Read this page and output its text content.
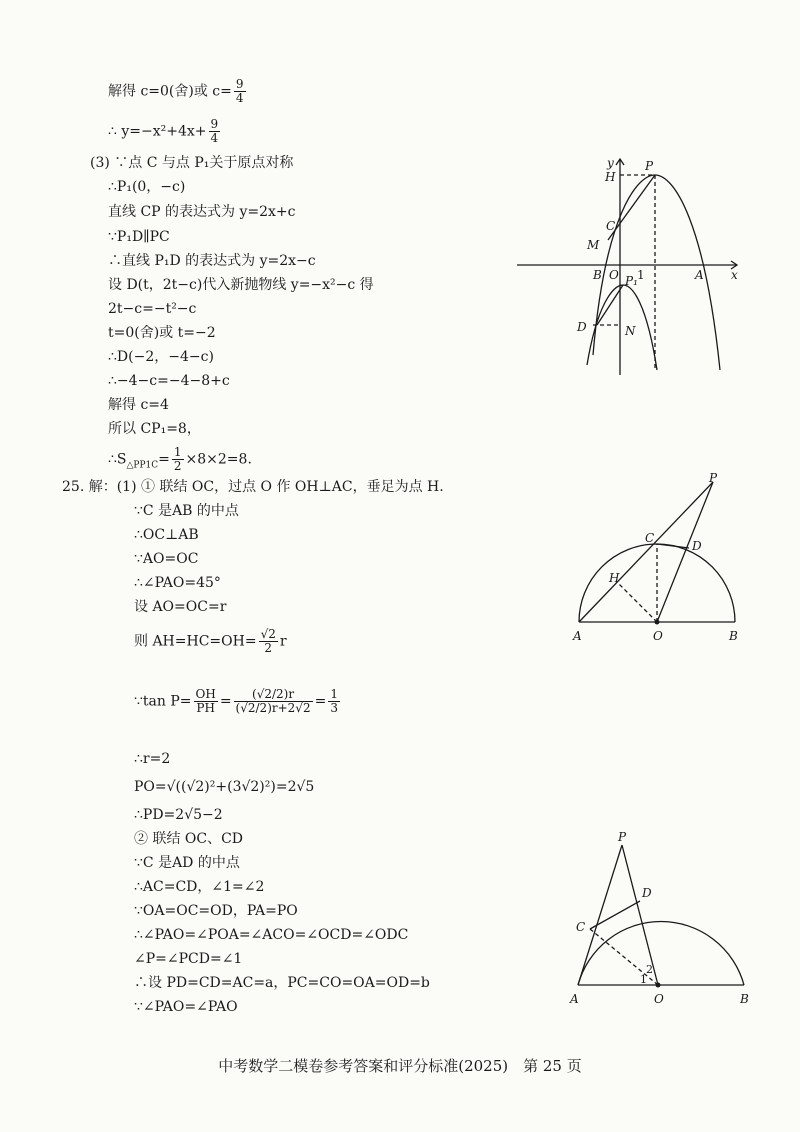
解得 c=0(舍)或 $c= \frac{9}{4}$
∴ $y=-x^2+4x+ \frac{9}{4}$
(3) ∵点 C 与点 P₁关于原点对称
∴P₁(0，−c)
直线 CP 的表达式为 y=2x+c
∵P₁D∥PC
∴直线 P₁D 的表达式为 y=2x−c
设 D(t，2t−c)代入新抛物线 y=−x²−c 得
2t−c=−t²−c
t=0(舍)或 t=−2
∴D(−2，−4−c)
∴−4−c=−4−8+c
解得 c=4
所以 CP₁=8，
$\therefore S_{\triangle PP1C}= \frac{1}{2} \times 8\times 2=8$.
25. 解：(1) ① 联结 OC，过点 O 作 OH⊥AC，垂足为点 H.
∵C 是AB 的中点
∴OC⊥AB
∵AO=OC
∴∠PAO=45°
设 AO=OC=r
则 $AH=HC=OH= \frac{√2}{2}$ r
∵tan $P= \frac{OH}{PH} = \frac{(√2/2)r}{(√2/2)r+2√2} = \frac{1}{3}$
∴r=2
PO=√((√2)²+(3√2)²)=2√5
∴PD=2√5−2
② 联结 OC、CD
∵C 是AD 的中点
∴AC=CD，∠1=∠2
∵OA=OC=OD，PA=PO
∴∠PAO=∠POA=∠ACO=∠OCD=∠ODC
∠P=∠PCD=∠1
∴设 PD=CD=AC=a，PC=CO=OA=OD=b
∵∠PAO=∠PAO
y
x
P
H
C
M
B O 1	A
P₁
D	N
P
C
D
H
A	O	B
P
D
C
A	O	B
2
1
中考数学二模卷参考答案和评分标准(2025)　第 25 页
